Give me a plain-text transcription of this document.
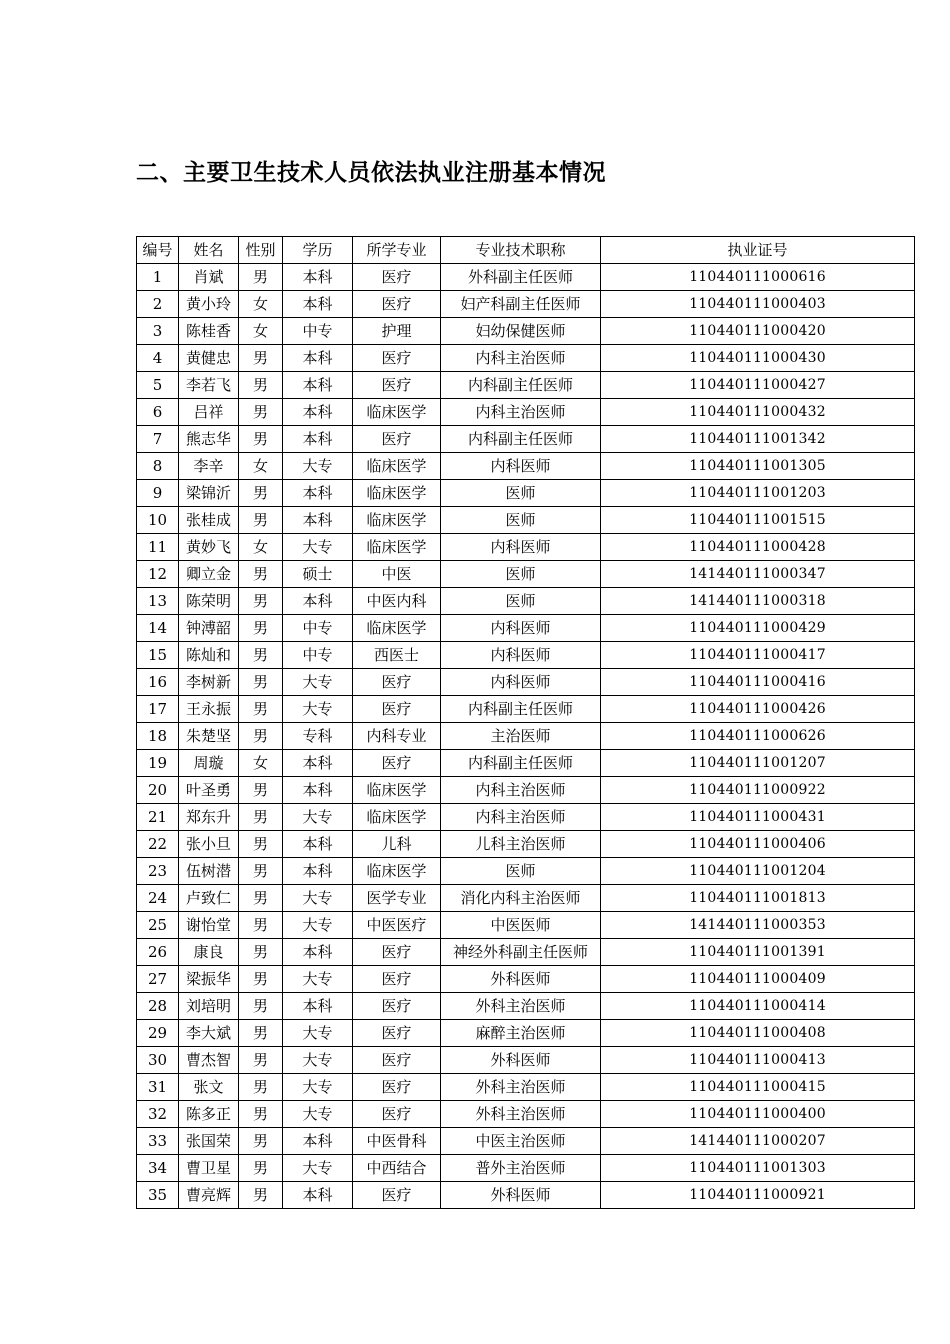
二、主要卫生技术人员依法执业注册基本情况
编号	姓名	性别	学历	所学专业	专业技术职称	执业证号
1	肖斌	男	本科	医疗	外科副主任医师	110440111000616
2	黄小玲	女	本科	医疗	妇产科副主任医师	110440111000403
3	陈桂香	女	中专	护理	妇幼保健医师	110440111000420
4	黄健忠	男	本科	医疗	内科主治医师	110440111000430
5	李若飞	男	本科	医疗	内科副主任医师	110440111000427
6	吕祥	男	本科	临床医学	内科主治医师	110440111000432
7	熊志华	男	本科	医疗	内科副主任医师	110440111001342
8	李辛	女	大专	临床医学	内科医师	110440111001305
9	梁锦沂	男	本科	临床医学	医师	110440111001203
10	张桂成	男	本科	临床医学	医师	110440111001515
11	黄妙飞	女	大专	临床医学	内科医师	110440111000428
12	卿立金	男	硕士	中医	医师	141440111000347
13	陈荣明	男	本科	中医内科	医师	141440111000318
14	钟溥韶	男	中专	临床医学	内科医师	110440111000429
15	陈灿和	男	中专	西医士	内科医师	110440111000417
16	李树新	男	大专	医疗	内科医师	110440111000416
17	王永振	男	大专	医疗	内科副主任医师	110440111000426
18	朱楚坚	男	专科	内科专业	主治医师	110440111000626
19	周璇	女	本科	医疗	内科副主任医师	110440111001207
20	叶圣勇	男	本科	临床医学	内科主治医师	110440111000922
21	郑东升	男	大专	临床医学	内科主治医师	110440111000431
22	张小旦	男	本科	儿科	儿科主治医师	110440111000406
23	伍树潜	男	本科	临床医学	医师	110440111001204
24	卢致仁	男	大专	医学专业	消化内科主治医师	110440111001813
25	谢怡堂	男	大专	中医医疗	中医医师	141440111000353
26	康良	男	本科	医疗	神经外科副主任医师	110440111001391
27	梁振华	男	大专	医疗	外科医师	110440111000409
28	刘培明	男	本科	医疗	外科主治医师	110440111000414
29	李大斌	男	大专	医疗	麻醉主治医师	110440111000408
30	曹杰智	男	大专	医疗	外科医师	110440111000413
31	张文	男	大专	医疗	外科主治医师	110440111000415
32	陈多正	男	大专	医疗	外科主治医师	110440111000400
33	张国荣	男	本科	中医骨科	中医主治医师	141440111000207
34	曹卫星	男	大专	中西结合	普外主治医师	110440111001303
35	曹亮辉	男	本科	医疗	外科医师	110440111000921
